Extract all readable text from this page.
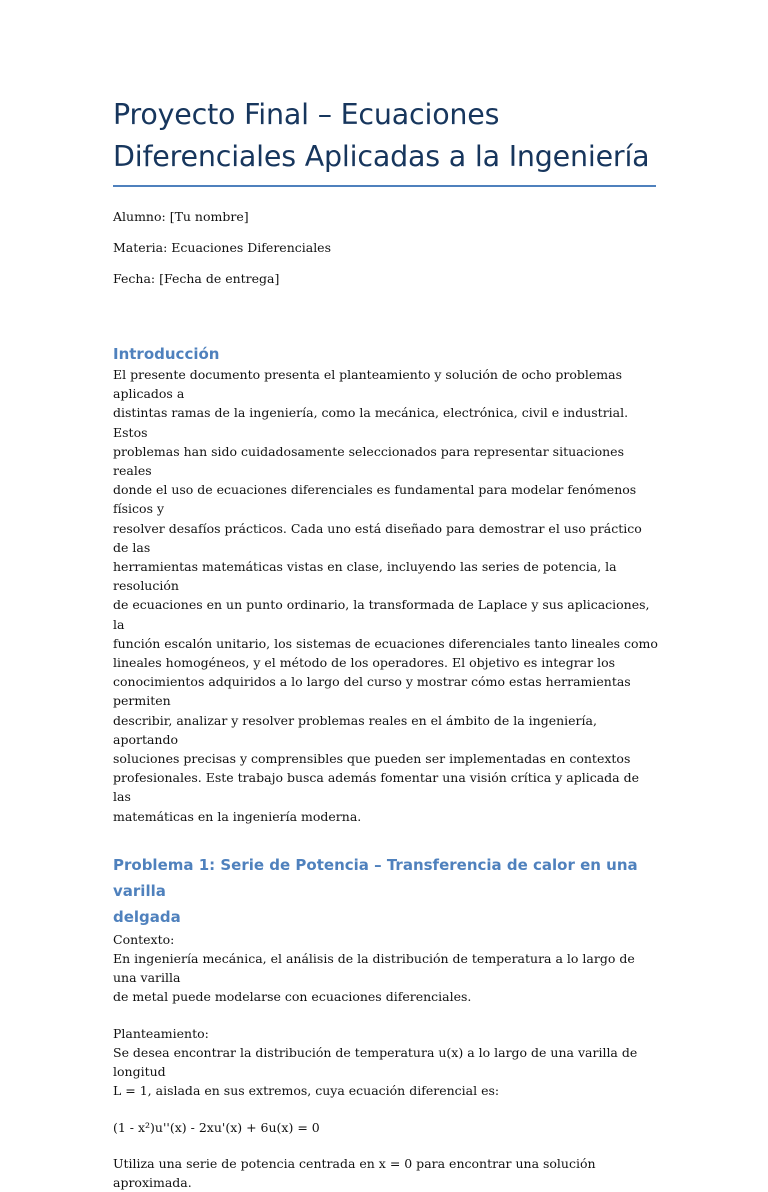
Proyecto Final – Ecuaciones
Diferenciales Aplicadas a la Ingeniería

Alumno: [Tu nombre]

Materia: Ecuaciones Diferenciales

Fecha: [Fecha de entrega]

Introducción
El presente documento presenta el planteamiento y solución de ocho problemas aplicados a
distintas ramas de la ingeniería, como la mecánica, electrónica, civil e industrial. Estos
problemas han sido cuidadosamente seleccionados para representar situaciones reales
donde el uso de ecuaciones diferenciales es fundamental para modelar fenómenos físicos y
resolver desafíos prácticos. Cada uno está diseñado para demostrar el uso práctico de las
herramientas matemáticas vistas en clase, incluyendo las series de potencia, la resolución
de ecuaciones en un punto ordinario, la transformada de Laplace y sus aplicaciones, la
función escalón unitario, los sistemas de ecuaciones diferenciales tanto lineales como
lineales homogéneos, y el método de los operadores. El objetivo es integrar los
conocimientos adquiridos a lo largo del curso y mostrar cómo estas herramientas permiten
describir, analizar y resolver problemas reales en el ámbito de la ingeniería, aportando
soluciones precisas y comprensibles que pueden ser implementadas en contextos
profesionales. Este trabajo busca además fomentar una visión crítica y aplicada de las
matemáticas en la ingeniería moderna.
Problema 1: Serie de Potencia – Transferencia de calor en una varilla
delgada
Contexto:
En ingeniería mecánica, el análisis de la distribución de temperatura a lo largo de una varilla
de metal puede modelarse con ecuaciones diferenciales.
Planteamiento:
Se desea encontrar la distribución de temperatura u(x) a lo largo de una varilla de longitud
L = 1, aislada en sus extremos, cuya ecuación diferencial es:
(1 - x²)u''(x) - 2xu'(x) + 6u(x) = 0
Utiliza una serie de potencia centrada en x = 0 para encontrar una solución aproximada.
